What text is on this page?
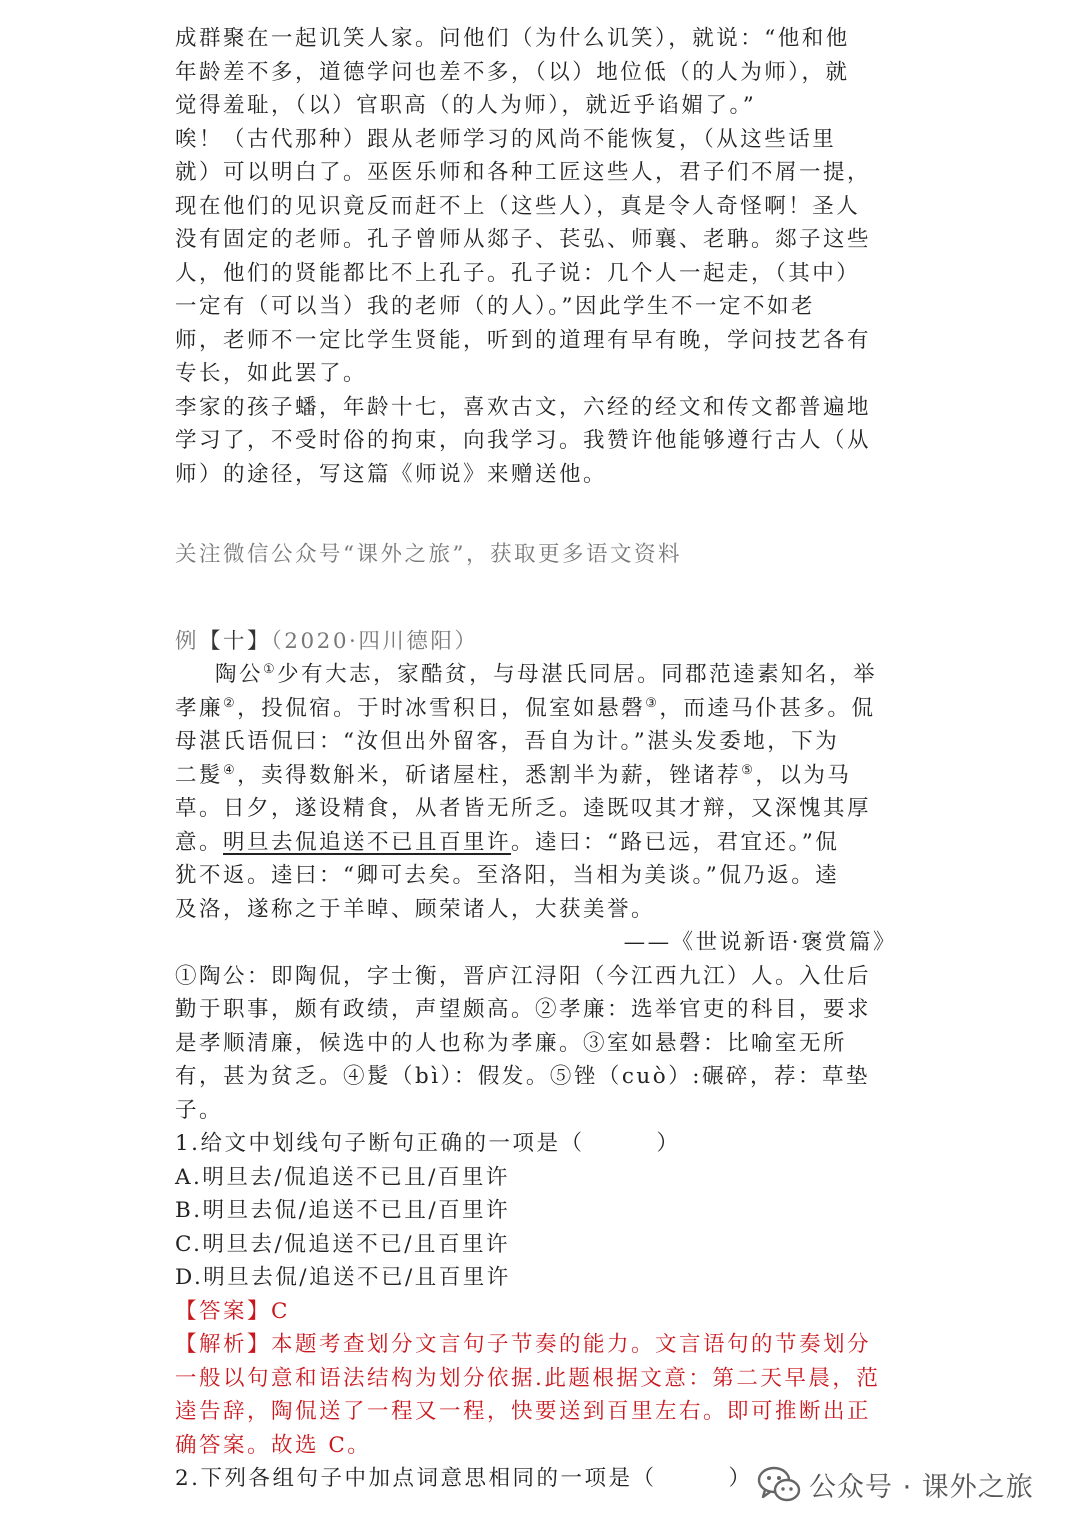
成群聚在一起讥笑人家。问他们（为什么讥笑），就说：“他和他
年龄差不多，道德学问也差不多，（以）地位低（的人为师），就
觉得羞耻，（以）官职高（的人为师），就近乎谄媚了。”
唉！（古代那种）跟从老师学习的风尚不能恢复，（从这些话里
就）可以明白了。巫医乐师和各种工匠这些人，君子们不屑一提，
现在他们的见识竟反而赶不上（这些人），真是令人奇怪啊！圣人
没有固定的老师。孔子曾师从郯子、苌弘、师襄、老聃。郯子这些
人，他们的贤能都比不上孔子。孔子说：几个人一起走，（其中）
一定有（可以当）我的老师（的人）。”因此学生不一定不如老
师，老师不一定比学生贤能，听到的道理有早有晚，学问技艺各有
专长，如此罢了。
李家的孩子蟠，年龄十七，喜欢古文，六经的经文和传文都普遍地
学习了，不受时俗的拘束，向我学习。我赞许他能够遵行古人（从
师）的途径，写这篇《师说》来赠送他。
关注微信公众号“课外之旅”，获取更多语文资料
例【十】（2020·四川德阳）
陶公①少有大志，家酷贫，与母湛氏同居。同郡范逵素知名，举
孝廉②，投侃宿。于时冰雪积日，侃室如悬磬③，而逵马仆甚多。侃
母湛氏语侃曰：“汝但出外留客，吾自为计。”湛头发委地，下为
二髲④，卖得数斛米，斫诸屋柱，悉割半为薪，锉诸荐⑤，以为马
草。日夕，遂设精食，从者皆无所乏。逵既叹其才辩，又深愧其厚
意。明旦去侃追送不已且百里许。逵曰：“路已远，君宜还。”侃
犹不返。逵曰：“卿可去矣。至洛阳，当相为美谈。”侃乃返。逵
及洛，遂称之于羊晫、顾荣诸人，大获美誉。
——《世说新语·褒赏篇》
①陶公：即陶侃，字士衡，晋庐江浔阳（今江西九江）人。入仕后
勤于职事，颇有政绩，声望颇高。②孝廉：选举官吏的科目，要求
是孝顺清廉，候选中的人也称为孝廉。③室如悬磬：比喻室无所
有，甚为贫乏。④髲（bì）：假发。⑤锉（cuò）:碾碎，荐：草垫
子。
1.给文中划线句子断句正确的一项是（　　　）
A.明旦去/侃追送不已且/百里许
B.明旦去侃/追送不已且/百里许
C.明旦去/侃追送不已/且百里许
D.明旦去侃/追送不已/且百里许
【答案】C
【解析】本题考查划分文言句子节奏的能力。文言语句的节奏划分
一般以句意和语法结构为划分依据.此题根据文意：第二天早晨，范
逵告辞，陶侃送了一程又一程，快要送到百里左右。即可推断出正
确答案。故选 C。
2.下列各组句子中加点词意思相同的一项是（　　　）	公众号 · 课外之旅
